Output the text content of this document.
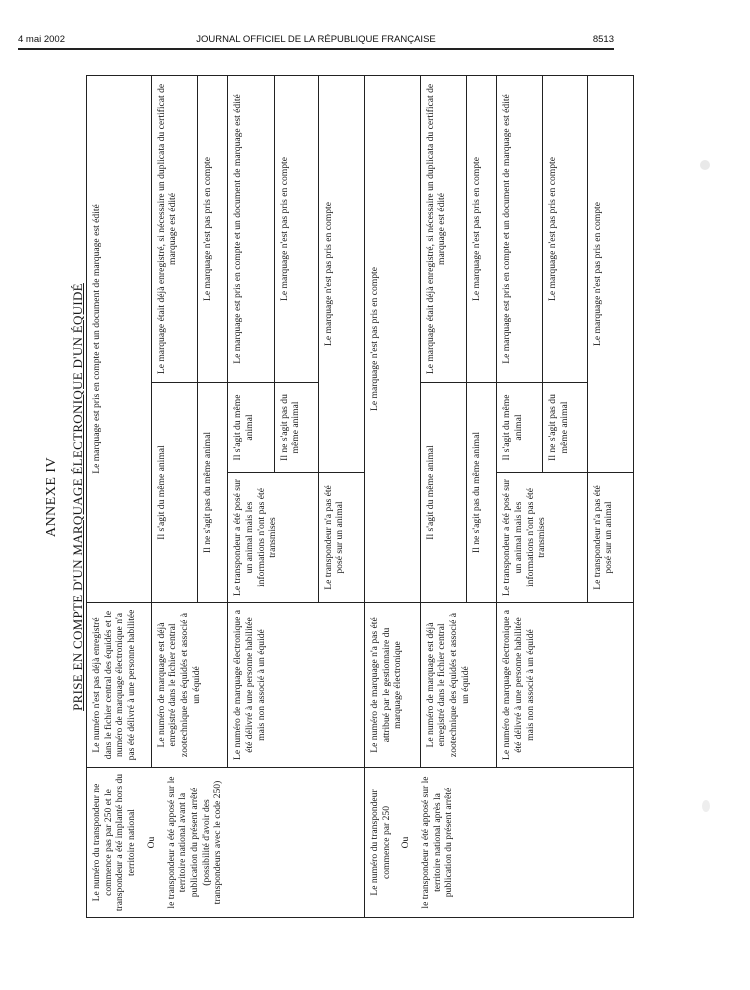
4 mai 2002	JOURNAL OFFICIEL DE LA RÉPUBLIQUE FRANÇAISE	8513
ANNEXE IV PRISE EN COMPTE D'UN MARQUAGE ÉLECTRONIQUE D'UN ÉQUIDÉ
Le numéro du transpondeur ne commence pas par 250 et le transpondeur a été implanté hors du territoire national Ou le transpondeur a été apposé sur le territoire national avant la publication du présent arrêté (possibilité d'avoir des transpondeurs avec le code 250)	Le numéro n'est pas déjà enregistré dans le fichier central des équidés et le numéro de marquage électronique n'a pas été délivré à une personne habilitée	Le marquage est pris en compte et un document de marquage est édité		
	Le numéro de marquage est déjà enregistré dans le fichier central zootechnique des équidés et associé à un équidé	Il s'agit du même animal		Le marquage était déjà enregistré, si nécessaire un duplicata du certificat de marquage est édité
		Il ne s'agit pas du même animal		Le marquage n'est pas pris en compte
	Le numéro de marquage électronique a été délivré à une personne habilitée mais non associé à un équidé	Le transpondeur a été posé sur un animal mais les informations n'ont pas été transmises	Il s'agit du même animal	Le marquage est pris en compte et un document de marquage est édité
			Il ne s'agit pas du même animal	Le marquage n'est pas pris en compte
		Le transpondeur n'a pas été posé sur un animal	Le marquage n'est pas pris en compte	
Le numéro du transpondeur commence par 250 Ou le transpondeur a été apposé sur le territoire national après la publication du présent arrêté	Le numéro de marquage n'a pas été attribué par le gestionnaire du marquage électronique	Le marquage n'est pas pris en compte		
	Le numéro de marquage est déjà enregistré dans le fichier central zootechnique des équidés et associé à un équidé	Il s'agit du même animal		Le marquage était déjà enregistré, si nécessaire un duplicata du certificat de marquage est édité
		Il ne s'agit pas du même animal		Le marquage n'est pas pris en compte
	Le numéro de marquage électronique a été délivré à une personne habilitée mais non associé à un équidé	Le transpondeur a été posé sur un animal mais les informations n'ont pas été transmises	Il s'agit du même animal	Le marquage est pris en compte et un document de marquage est édité
			Il ne s'agit pas du même animal	Le marquage n'est pas pris en compte
		Le transpondeur n'a pas été posé sur un animal	Le marquage n'est pas pris en compte	
